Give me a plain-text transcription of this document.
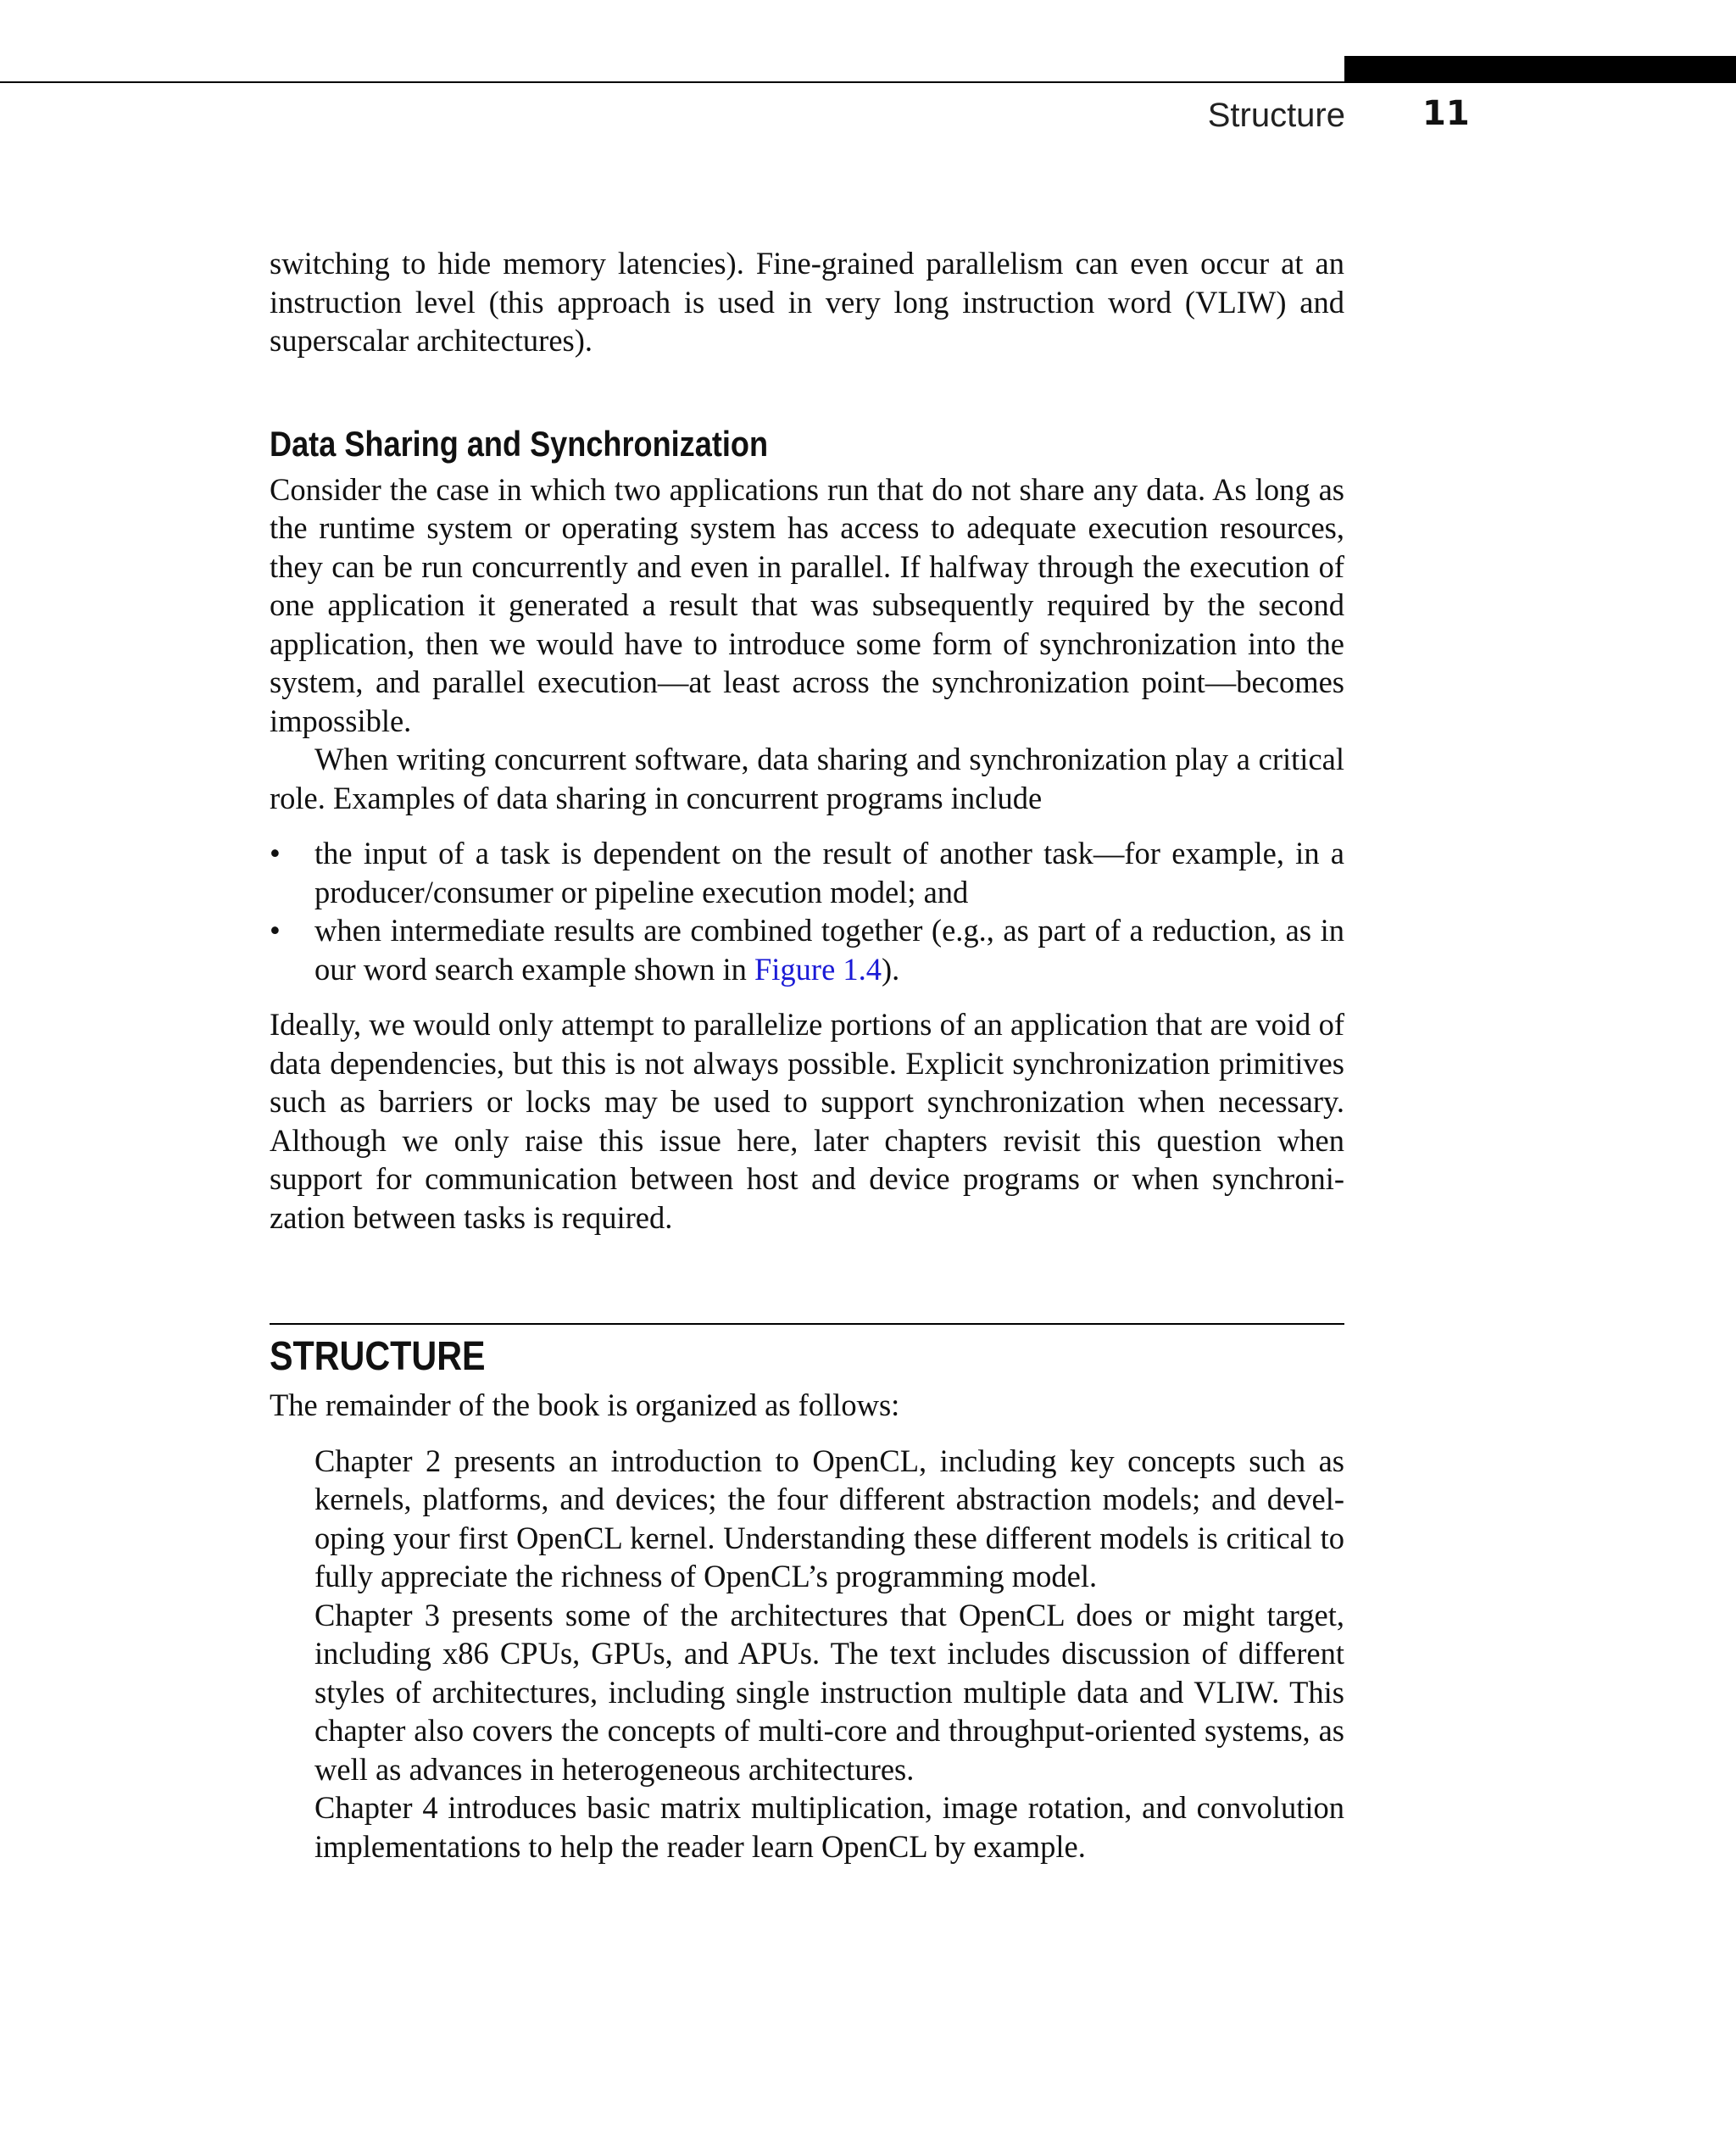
Structure 11

switching to hide memory latencies). Fine-grained parallelism can even occur at an instruction level (this approach is used in very long instruction word (VLIW) and superscalar architectures).

Data Sharing and Synchronization

Consider the case in which two applications run that do not share any data. As long as the runtime system or operating system has access to adequate execution resources, they can be run concurrently and even in parallel. If halfway through the execution of one application it generated a result that was subsequently required by the second application, then we would have to introduce some form of synchronization into the system, and parallel execution—at least across the synchronization point—becomes impossible.

When writing concurrent software, data sharing and synchronization play a critical role. Examples of data sharing in concurrent programs include

• the input of a task is dependent on the result of another task—for example, in a producer/consumer or pipeline execution model; and
• when intermediate results are combined together (e.g., as part of a reduction, as in our word search example shown in Figure 1.4).

Ideally, we would only attempt to parallelize portions of an application that are void of data dependencies, but this is not always possible. Explicit synchronization primitives such as barriers or locks may be used to support synchronization when necessary. Although we only raise this issue here, later chapters revisit this question when support for communication between host and device programs or when synchronization between tasks is required.

STRUCTURE

The remainder of the book is organized as follows:

Chapter 2 presents an introduction to OpenCL, including key concepts such as kernels, platforms, and devices; the four different abstraction models; and developing your first OpenCL kernel. Understanding these different models is critical to fully appreciate the richness of OpenCL’s programming model.

Chapter 3 presents some of the architectures that OpenCL does or might target, including x86 CPUs, GPUs, and APUs. The text includes discussion of different styles of architectures, including single instruction multiple data and VLIW. This chapter also covers the concepts of multi-core and throughput-oriented systems, as well as advances in heterogeneous architectures.

Chapter 4 introduces basic matrix multiplication, image rotation, and convolution implementations to help the reader learn OpenCL by example.
